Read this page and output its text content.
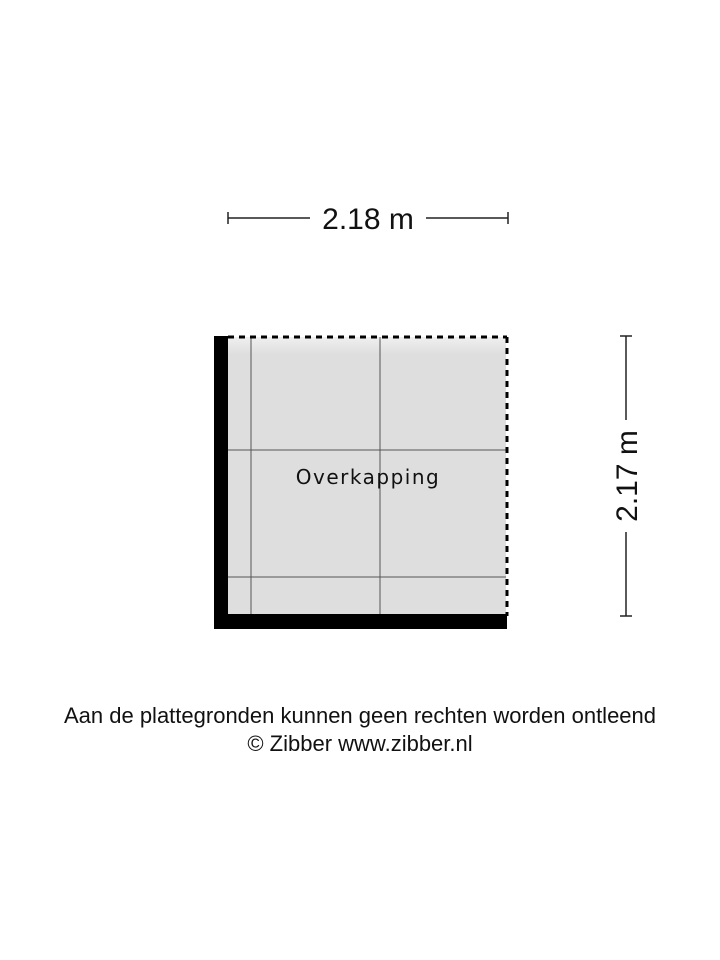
2.18 m
2.17 m
Overkapping
Aan de plattegronden kunnen geen rechten worden ontleend
© Zibber www.zibber.nl
